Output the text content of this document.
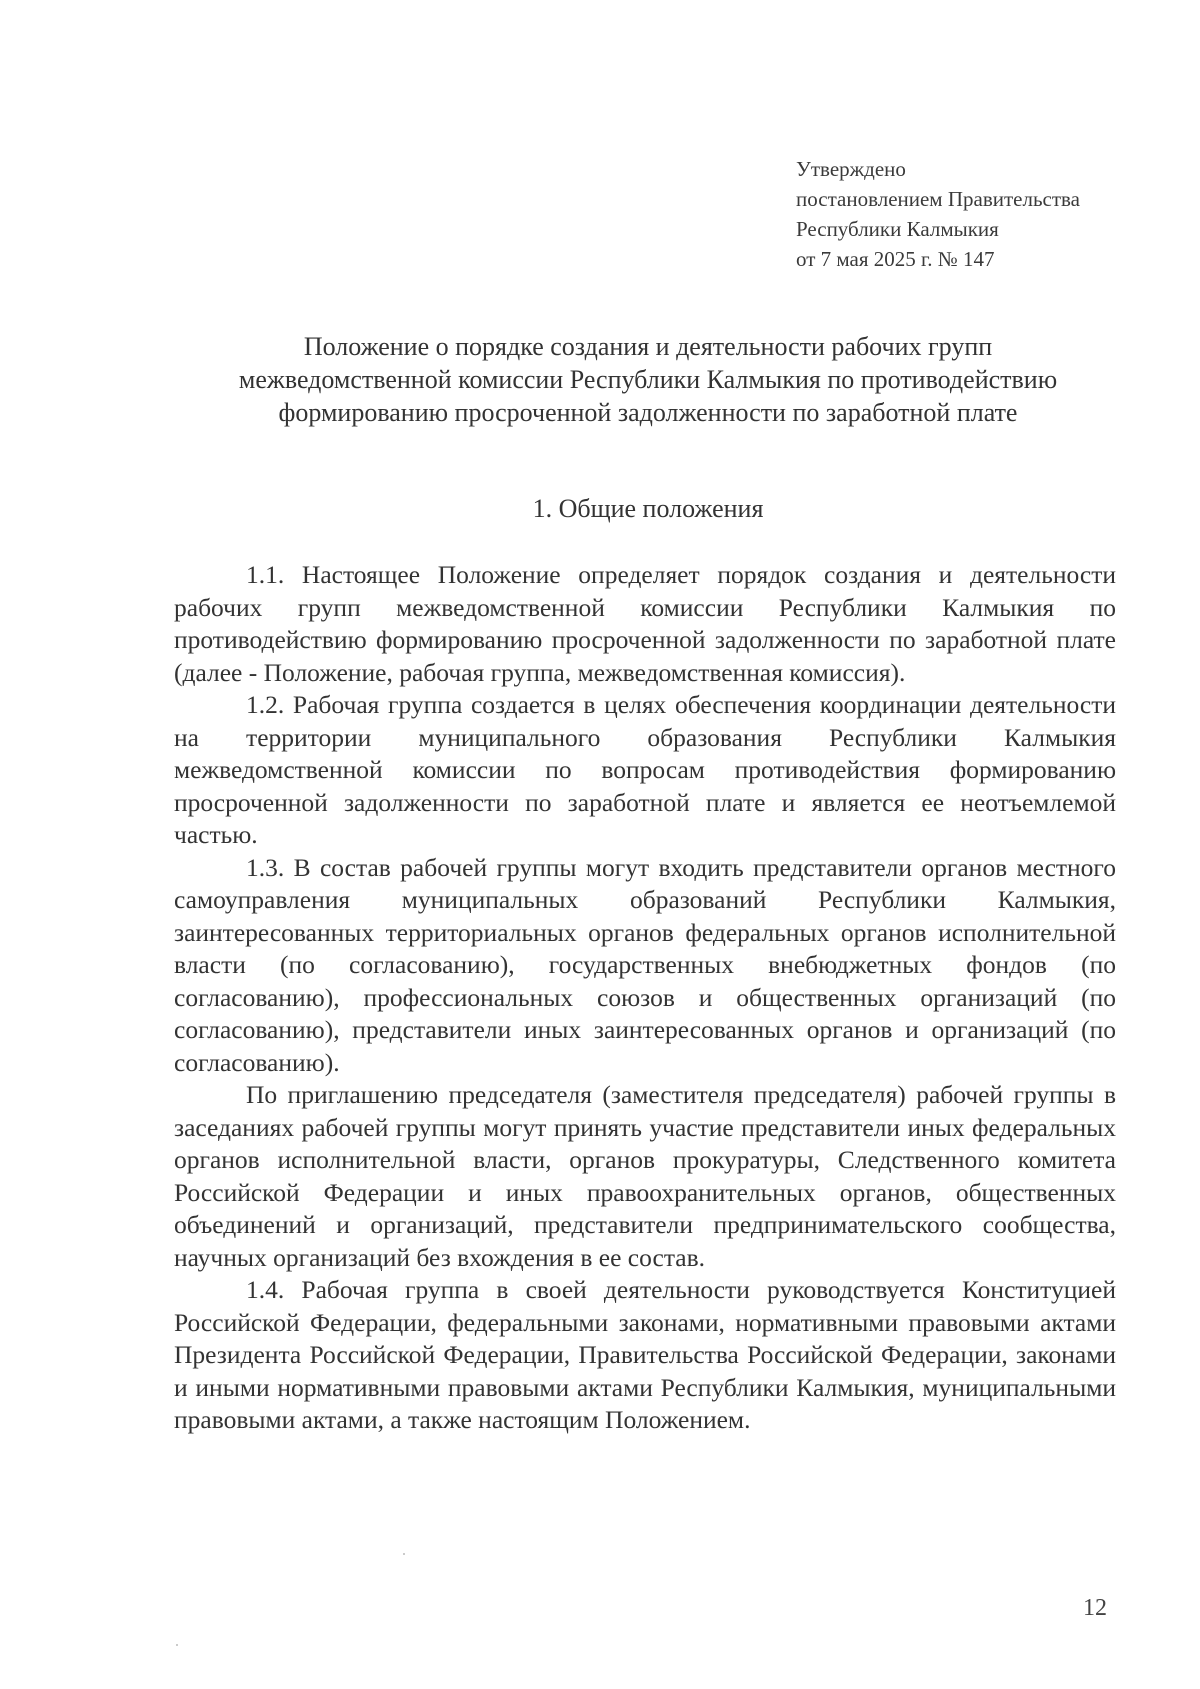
Утверждено
постановлением Правительства
Республики Калмыкия
от 7 мая 2025 г. № 147
Положение о порядке создания и деятельности рабочих групп
межведомственной комиссии Республики Калмыкия по противодействию
формированию просроченной задолженности по заработной плате
1. Общие положения

1.1. Настоящее Положение определяет порядок создания и деятельности рабочих групп межведомственной комиссии Республики Калмыкия по противодействию формированию просроченной задолженности по заработной плате (далее - Положение, рабочая группа, межведомственная комиссия).

1.2. Рабочая группа создается в целях обеспечения координации деятельности на территории муниципального образования Республики Калмыкия межведомственной комиссии по вопросам противодействия формированию просроченной задолженности по заработной плате и является ее неотъемлемой частью.

1.3. В состав рабочей группы могут входить представители органов местного самоуправления муниципальных образований Республики Калмыкия, заинтересованных территориальных органов федеральных органов исполнительной власти (по согласованию), государственных внебюджетных фондов (по согласованию), профессиональных союзов и общественных организаций (по согласованию), представители иных заинтересованных органов и организаций (по согласованию).

По приглашению председателя (заместителя председателя) рабочей группы в заседаниях рабочей группы могут принять участие представители иных федеральных органов исполнительной власти, органов прокуратуры, Следственного комитета Российской Федерации и иных правоохранительных органов, общественных объединений и организаций, представители предпринимательского сообщества, научных организаций без вхождения в ее состав.

1.4. Рабочая группа в своей деятельности руководствуется Конституцией Российской Федерации, федеральными законами, нормативными правовыми актами Президента Российской Федерации, Правительства Российской Федерации, законами и иными нормативными правовыми актами Республики Калмыкия, муниципальными правовыми актами, а также настоящим Положением.

12
